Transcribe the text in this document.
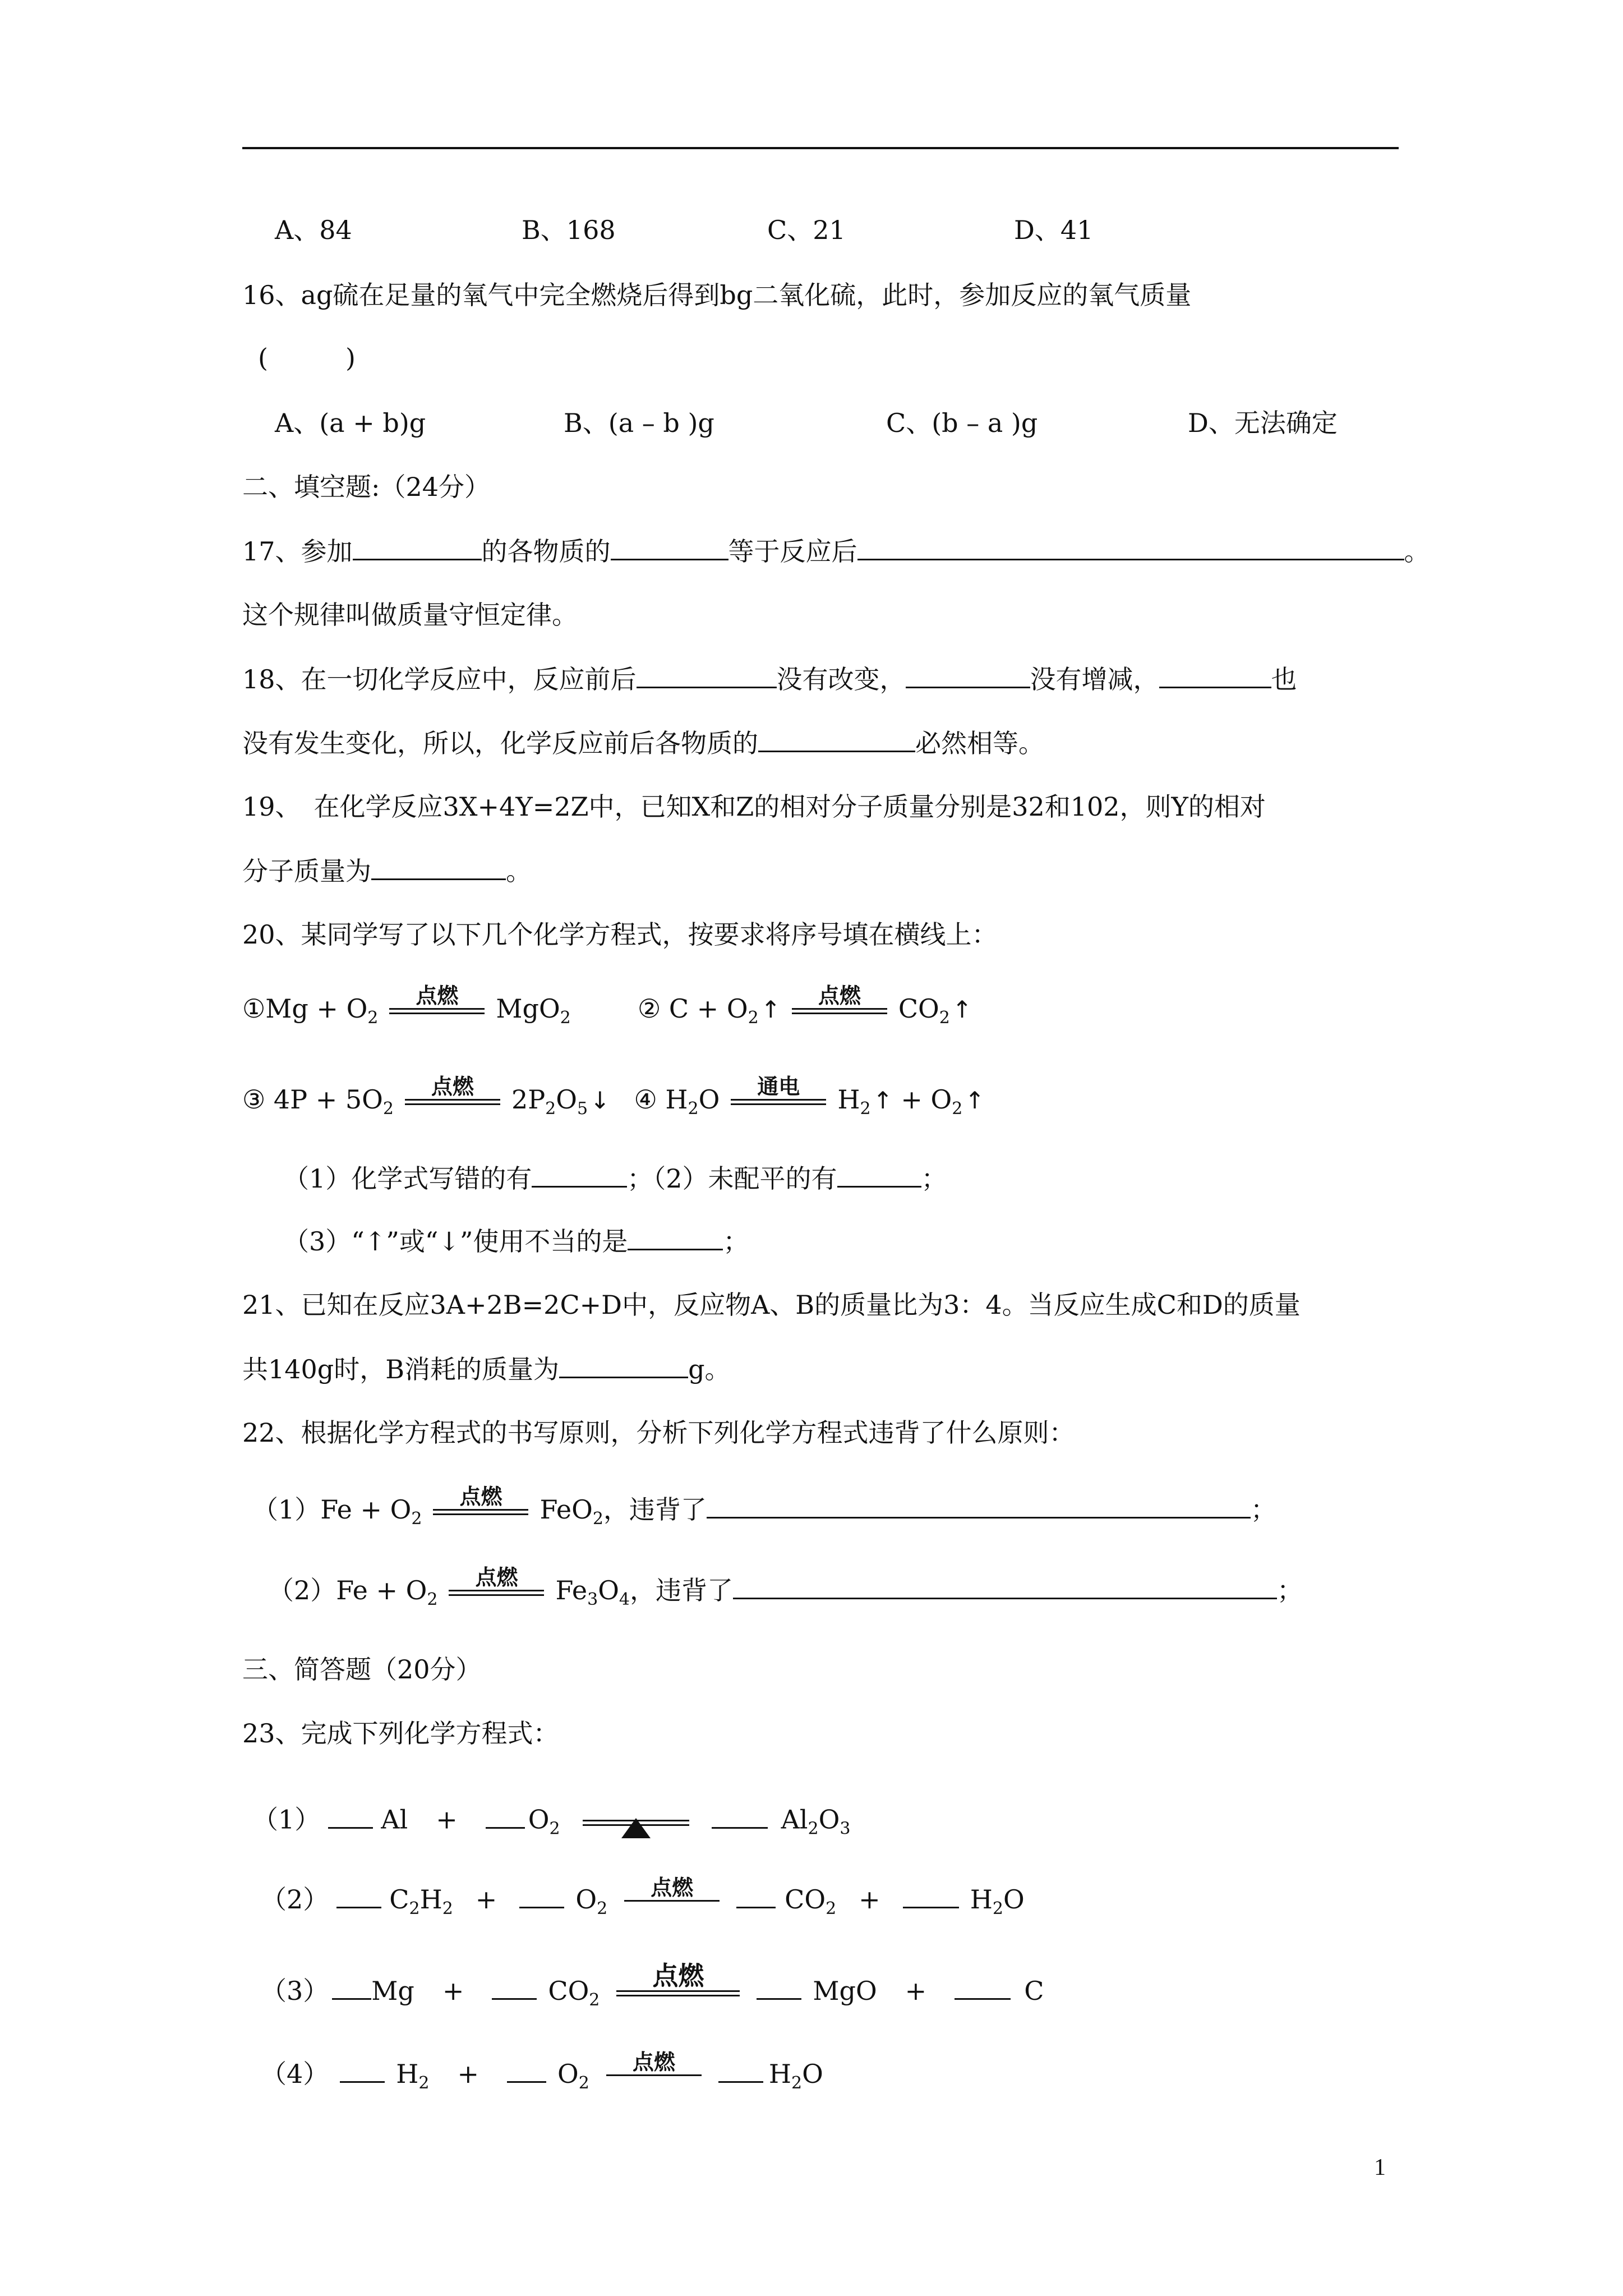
A、84	B、168	C、21	D、41
16、ag硫在足量的氧气中完全燃烧后得到bg二氧化硫，此时，参加反应的氧气质量
(　　　)
A、(a + b)g	B、(a – b )g	C、(b – a )g	D、无法确定
二、填空题:（24分）
17、参加	的各物质的	等于反应后	。
这个规律叫做质量守恒定律。
18、在一切化学反应中，反应前后	没有改变，	没有增减，	也
没有发生变化，所以，化学反应前后各物质的	必然相等。
19、　在化学反应3X+4Y=2Z中，已知X和Z的相对分子质量分别是32和102，则Y的相对
分子质量为	。
20、某同学写了以下几个化学方程式，按要求将序号填在横线上：
①Mg + $O_2$
点燃	MgO$_2$	② $C + O_2↑$
点燃	$CO_2↑$
③ $4P + 5O_2$
点燃	$2P_2O_5↓$ ④ $H_2O$	通电	$H_2↑$ + $O_2↑$
（1）化学式写错的有	；（2）未配平的有	；
（3）“↑”或“↓”使用不当的是	；
21、已知在反应3A+2B=2C+D中，反应物A、B的质量比为3：4。当反应生成C和D的质量
共140g时，B消耗的质量为	g。
22、根据化学方程式的书写原则，分析下列化学方程式违背了什么原则：
$(1)Fe + O_2$
点燃	FeO$_2$，违背了	；
$(2)Fe + O_2$
点燃	$Fe_3O_4$，违背了	；
三、简答题（20分）
23、完成下列化学方程式：
（1） Al +	$O_2$	$Al_2O_3$
（2） $C_2H_2$ +	$O_2$
点燃	$CO_2$ +	$H_2O$
（3） Mg +	$CO_2$
点燃
MgO +	C
（4）	$H_2$ +	$O_2$
点燃	$H_2O$
1
